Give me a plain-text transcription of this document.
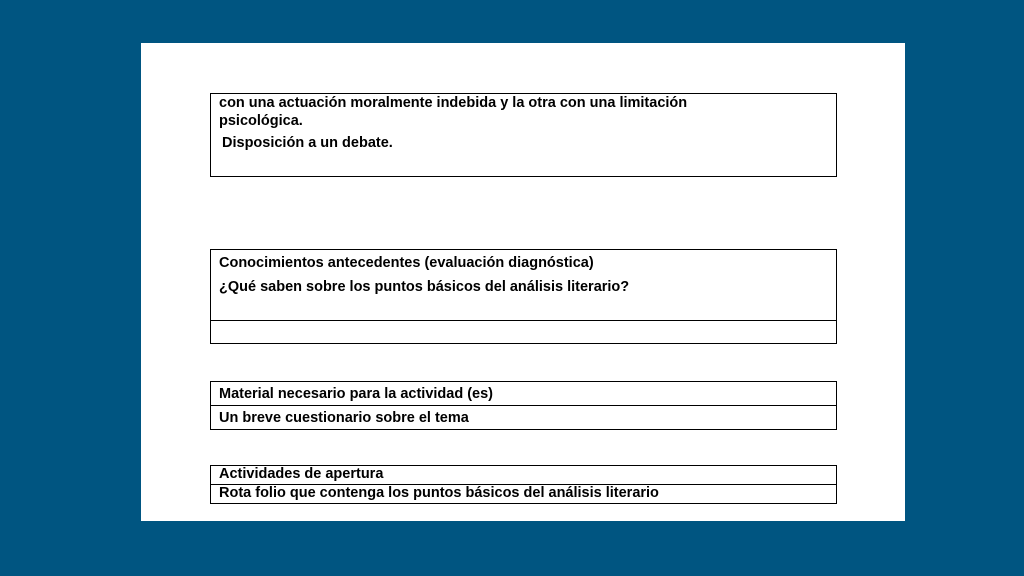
con una actuación moralmente indebida y la otra con una limitación
psicológica.
Disposición a un debate.
Conocimientos antecedentes (evaluación diagnóstica)
¿Qué saben sobre los puntos básicos del análisis literario?
Material necesario para la actividad (es)
Un breve cuestionario sobre el tema
Actividades de apertura
Rota folio que contenga los puntos básicos del análisis literario
